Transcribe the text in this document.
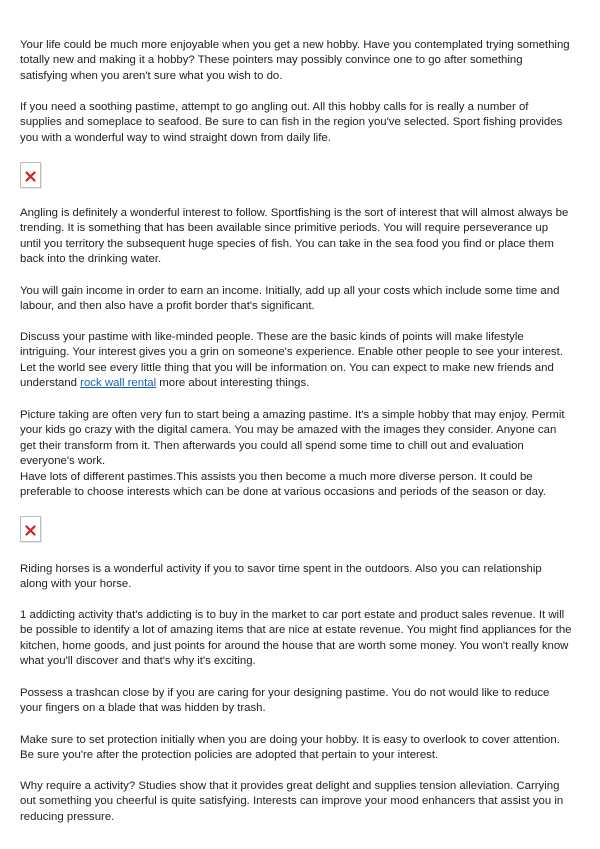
Your life could be much more enjoyable when you get a new hobby. Have you contemplated trying something totally new and making it a hobby? These pointers may possibly convince one to go after something satisfying when you aren't sure what you wish to do.

If you need a soothing pastime, attempt to go angling out. All this hobby calls for is really a number of supplies and someplace to seafood. Be sure to can fish in the region you've selected. Sport fishing provides you with a wonderful way to wind straight down from daily life.

Angling is definitely a wonderful interest to follow. Sportfishing is the sort of interest that will almost always be trending. It is something that has been available since primitive periods. You will require perseverance up until you territory the subsequent huge species of fish. You can take in the sea food you find or place them back into the drinking water.

You will gain income in order to earn an income. Initially, add up all your costs which include some time and labour, and then also have a profit border that's significant.

Discuss your pastime with like-minded people. These are the basic kinds of points will make lifestyle intriguing. Your interest gives you a grin on someone's experience. Enable other people to see your interest. Let the world see every little thing that you will be information on. You can expect to make new friends and understand rock wall rental more about interesting things.

Picture taking are often very fun to start being a amazing pastime. It's a simple hobby that may enjoy. Permit your kids go crazy with the digital camera. You may be amazed with the images they consider. Anyone can get their transform from it. Then afterwards you could all spend some time to chill out and evaluation everyone's work.

Have lots of different pastimes.This assists you then become a much more diverse person. It could be preferable to choose interests which can be done at various occasions and periods of the season or day.

Riding horses is a wonderful activity if you to savor time spent in the outdoors. Also you can relationship along with your horse.

1 addicting activity that's addicting is to buy in the market to car port estate and product sales revenue. It will be possible to identify a lot of amazing items that are nice at estate revenue. You might find appliances for the kitchen, home goods, and just points for around the house that are worth some money. You won't really know what you'll discover and that's why it's exciting.

Possess a trashcan close by if you are caring for your designing pastime. You do not would like to reduce your fingers on a blade that was hidden by trash.

Make sure to set protection initially when you are doing your hobby. It is easy to overlook to cover attention. Be sure you're after the protection policies are adopted that pertain to your interest.

Why require a activity? Studies show that it provides great delight and supplies tension alleviation. Carrying out something you cheerful is quite satisfying. Interests can improve your mood enhancers that assist you in reducing pressure.
